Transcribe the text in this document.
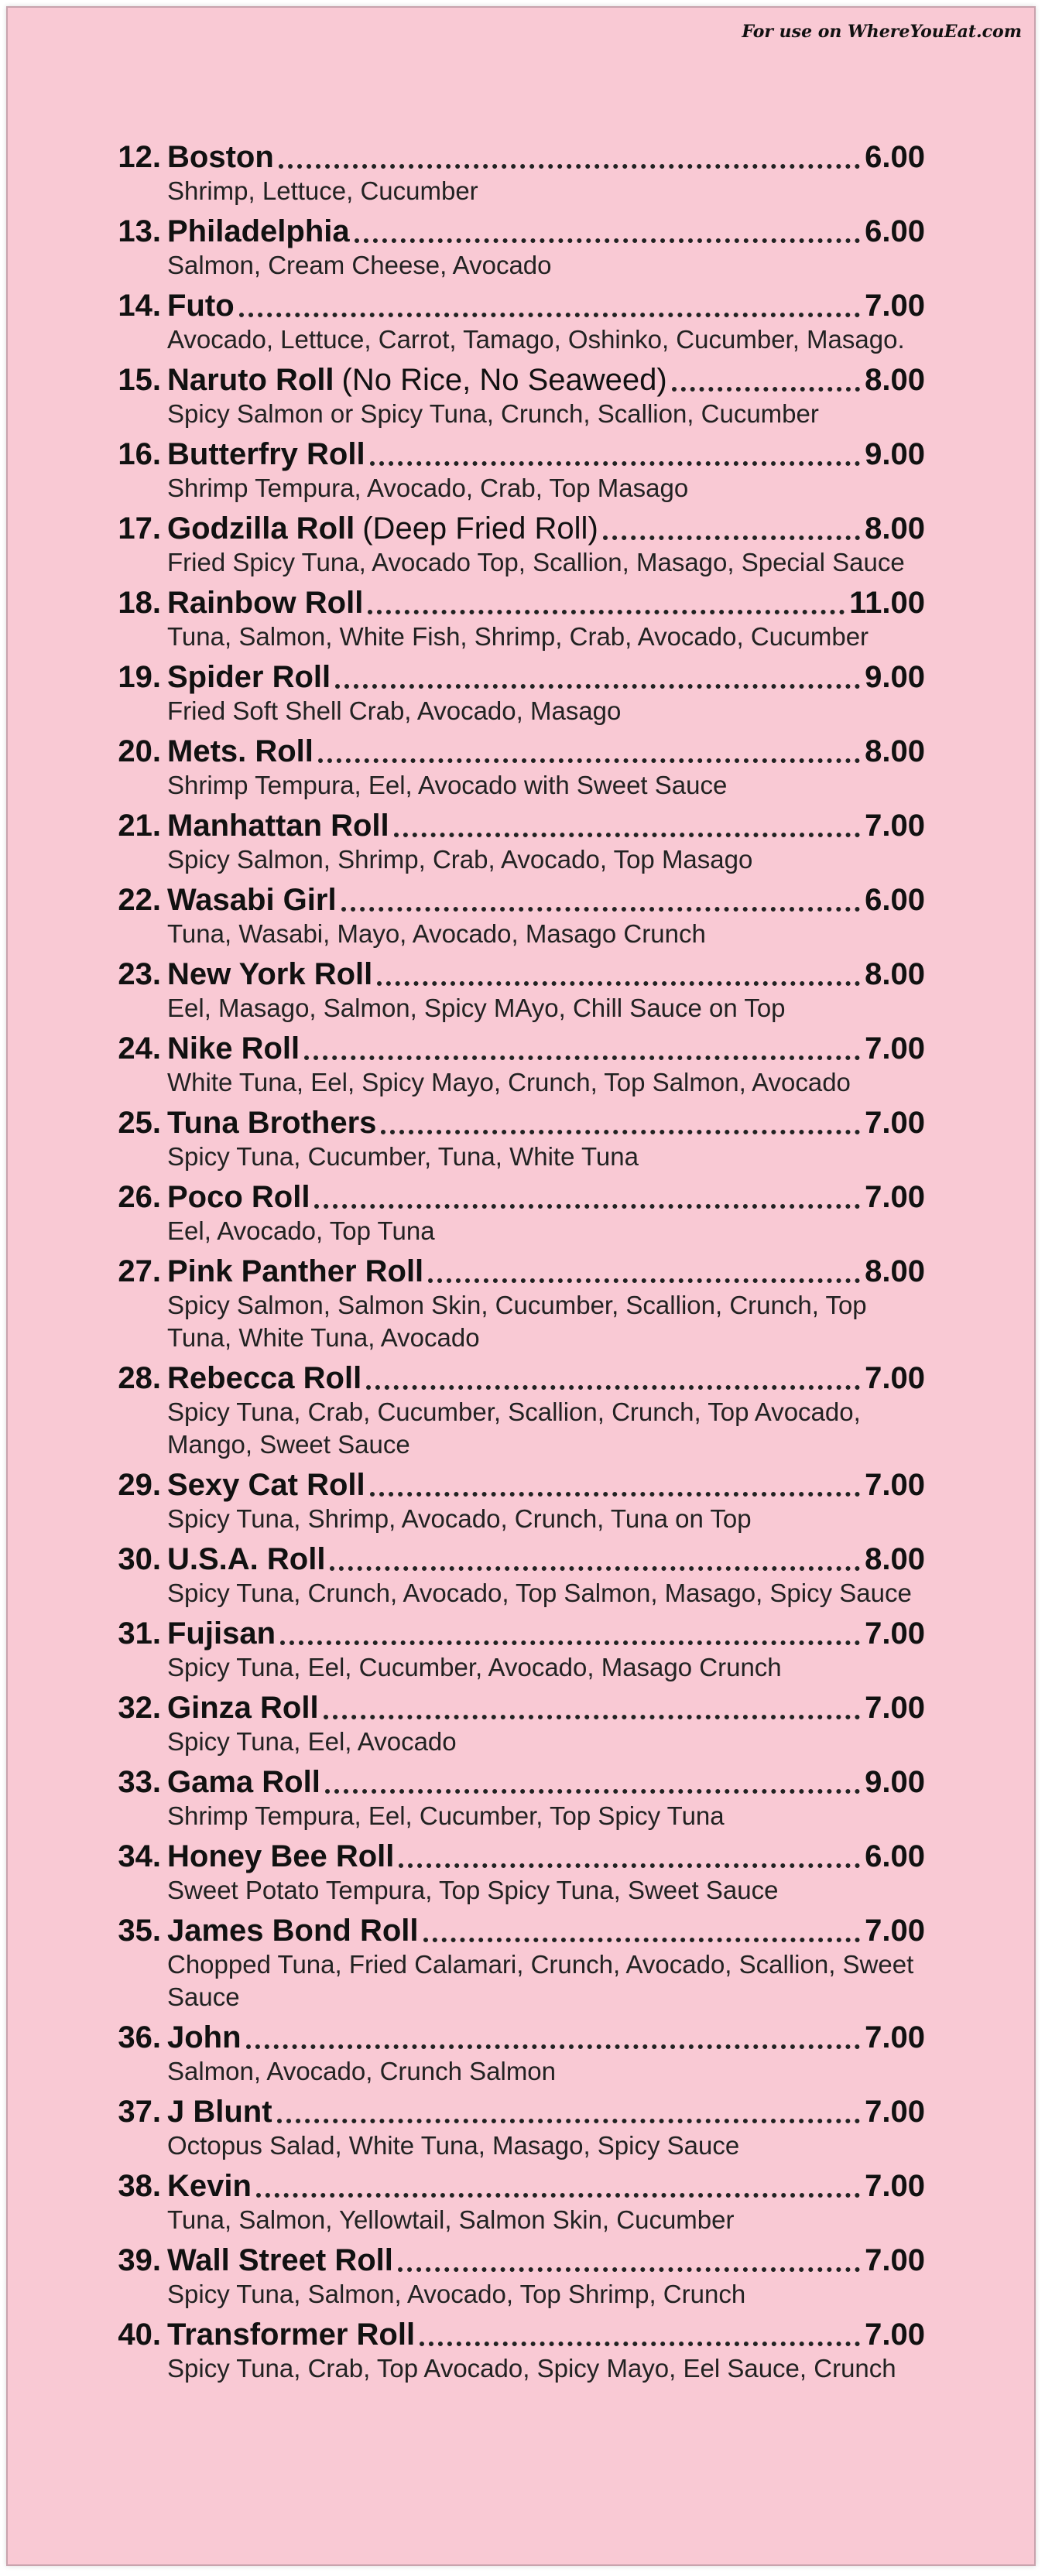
For use on WhereYouEat.com
12. Boston	6.00
Shrimp, Lettuce, Cucumber
13. Philadelphia	6.00
Salmon, Cream Cheese, Avocado
14. Futo	7.00
Avocado, Lettuce, Carrot, Tamago, Oshinko, Cucumber, Masago.
15. Naruto Roll (No Rice, No Seaweed)	8.00
Spicy Salmon or Spicy Tuna, Crunch, Scallion, Cucumber
16. Butterfry Roll	9.00
Shrimp Tempura, Avocado, Crab, Top Masago
17. Godzilla Roll (Deep Fried Roll)	8.00
Fried Spicy Tuna, Avocado Top, Scallion, Masago, Special Sauce
18. Rainbow Roll	11.00
Tuna, Salmon, White Fish, Shrimp, Crab, Avocado, Cucumber
19. Spider Roll	9.00
Fried Soft Shell Crab, Avocado, Masago
20. Mets. Roll	8.00
Shrimp Tempura, Eel, Avocado with Sweet Sauce
21. Manhattan Roll	7.00
Spicy Salmon, Shrimp, Crab, Avocado, Top Masago
22. Wasabi Girl	6.00
Tuna, Wasabi, Mayo, Avocado, Masago Crunch
23. New York Roll	8.00
Eel, Masago, Salmon, Spicy MAyo, Chill Sauce on Top
24. Nike Roll	7.00
White Tuna, Eel, Spicy Mayo, Crunch, Top Salmon, Avocado
25. Tuna Brothers	7.00
Spicy Tuna, Cucumber, Tuna, White Tuna
26. Poco Roll	7.00
Eel, Avocado, Top Tuna
27. Pink Panther Roll	8.00
Spicy Salmon, Salmon Skin, Cucumber, Scallion, Crunch, Top Tuna, White Tuna, Avocado
28. Rebecca Roll	7.00
Spicy Tuna, Crab, Cucumber, Scallion, Crunch, Top Avocado, Mango, Sweet Sauce
29. Sexy Cat Roll	7.00
Spicy Tuna, Shrimp, Avocado, Crunch, Tuna on Top
30. U.S.A. Roll	8.00
Spicy Tuna, Crunch, Avocado, Top Salmon, Masago, Spicy Sauce
31. Fujisan	7.00
Spicy Tuna, Eel, Cucumber, Avocado, Masago Crunch
32. Ginza Roll	7.00
Spicy Tuna, Eel, Avocado
33. Gama Roll	9.00
Shrimp Tempura, Eel, Cucumber, Top Spicy Tuna
34. Honey Bee Roll	6.00
Sweet Potato Tempura, Top Spicy Tuna, Sweet Sauce
35. James Bond Roll	7.00
Chopped Tuna, Fried Calamari, Crunch, Avocado, Scallion, Sweet Sauce
36. John	7.00
Salmon, Avocado, Crunch Salmon
37. J Blunt	7.00
Octopus Salad, White Tuna, Masago, Spicy Sauce
38. Kevin	7.00
Tuna, Salmon, Yellowtail, Salmon Skin, Cucumber
39. Wall Street Roll	7.00
Spicy Tuna, Salmon, Avocado, Top Shrimp, Crunch
40. Transformer Roll	7.00
Spicy Tuna, Crab, Top Avocado, Spicy Mayo, Eel Sauce, Crunch
